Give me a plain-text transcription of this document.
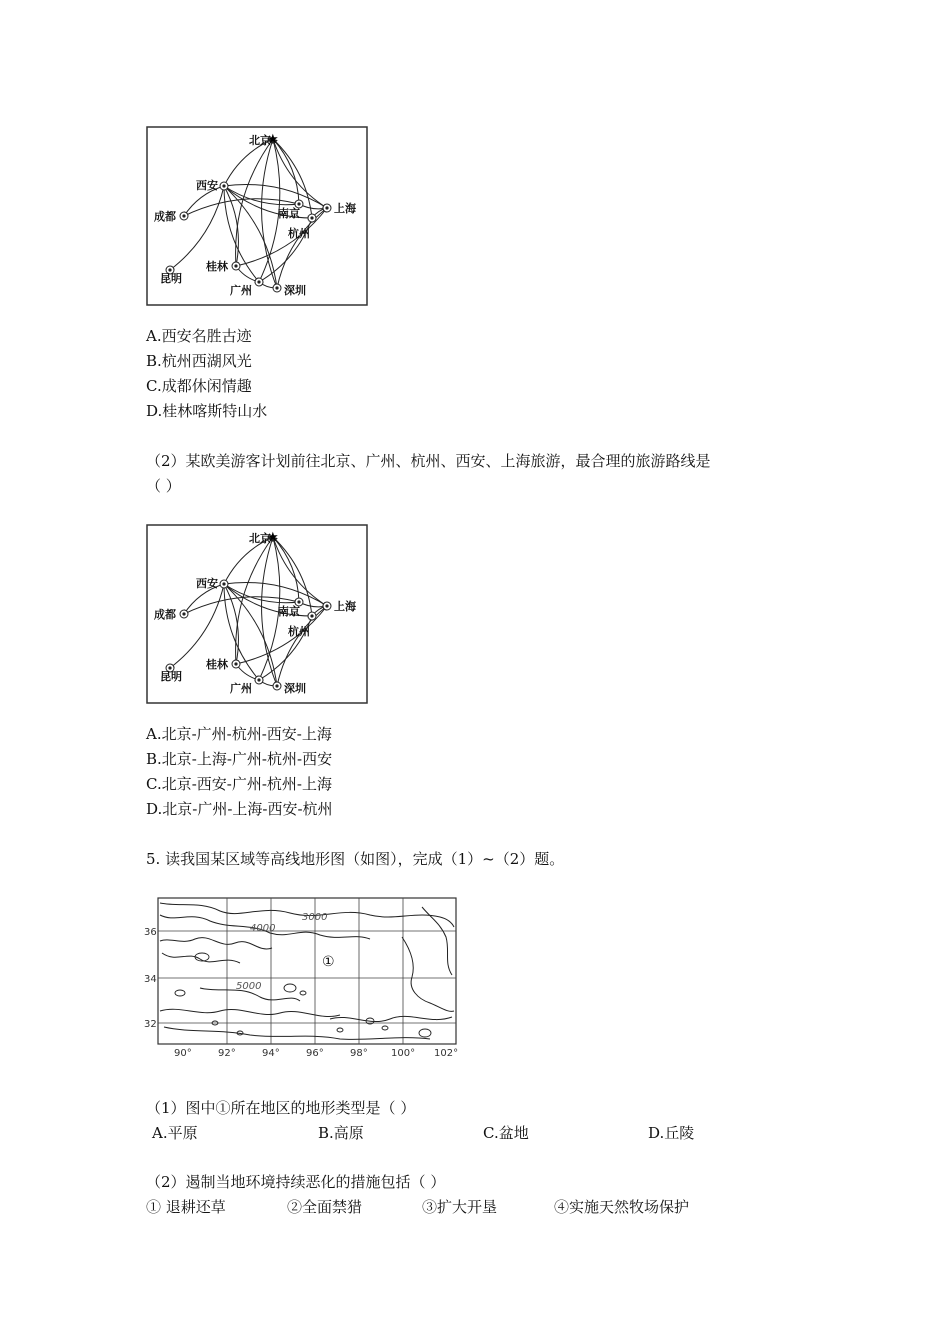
★
北京
西安
成都	南京	上海
杭州
桂林
昆明
广州	深圳
A.西安名胜古迹
B.杭州西湖风光
C.成都休闲情趣
D.桂林喀斯特山水
（2）某欧美游客计划前往北京、广州、杭州、西安、上海旅游，最合理的旅游路线是
（ ）
★
北京
西安
成都	南京	上海
杭州
桂林
昆明
广州	深圳
A.北京-广州-杭州-西安-上海
B.北京-上海-广州-杭州-西安
C.北京-西安-广州-杭州-上海
D.北京-广州-上海-西安-杭州
5. 读我国某区域等高线地形图（如图），完成（1）~（2）题。
3000
4000
5000
①
36
34
32
90°	92°	94°	96°	98° 100° 102°
（1）图中①所在地区的地形类型是（ ）
A.平原	B.高原	C.盆地	D.丘陵
（2）遏制当地环境持续恶化的措施包括（ ）
① 退耕还草	②全面禁猎	③扩大开垦	④实施天然牧场保护
